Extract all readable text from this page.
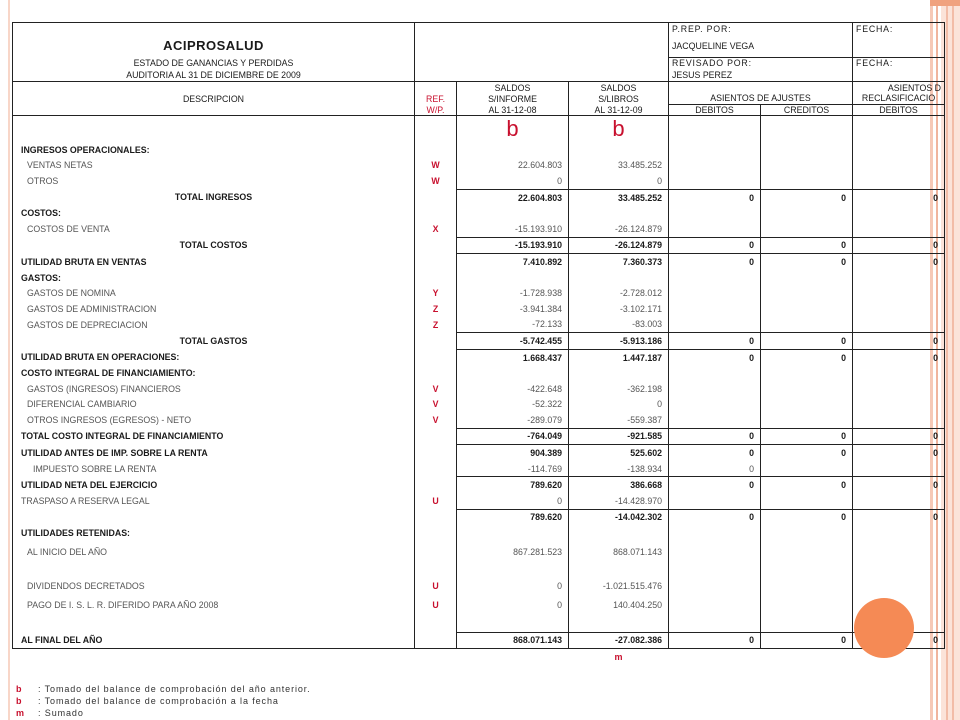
				P.REP. POR:		FECHA:
ACIPROSALUD				JACQUELINE VEGA		
ESTADO DE GANANCIAS Y PERDIDAS				REVISADO POR:		FECHA:
AUDITORIA AL 31 DE DICIEMBRE DE 2009				JESUS PEREZ		
		SALDOS	SALDOS			ASIENTOS D
DESCRIPCION	REF.	S/INFORME	S/LIBROS	ASIENTOS DE AJUSTES		RECLASIFICACIO
	W/P.	AL 31-12-08	AL 31-12-09	DEBITOS	CREDITOS	DEBITOS
		b	b			
INGRESOS OPERACIONALES:						
VENTAS NETAS	W	22.604.803	33.485.252			
OTROS	W	0	0			
TOTAL INGRESOS		22.604.803	33.485.252	0	0	0
COSTOS:						
COSTOS DE VENTA	X	-15.193.910	-26.124.879			
TOTAL COSTOS		-15.193.910	-26.124.879	0	0	0
UTILIDAD BRUTA EN VENTAS		7.410.892	7.360.373	0	0	0
GASTOS:						
GASTOS DE NOMINA	Y	-1.728.938	-2.728.012			
GASTOS DE ADMINISTRACION	Z	-3.941.384	-3.102.171			
GASTOS DE DEPRECIACION	Z	-72.133	-83.003			
TOTAL GASTOS		-5.742.455	-5.913.186	0	0	0
UTILIDAD BRUTA EN OPERACIONES:		1.668.437	1.447.187	0	0	0
COSTO INTEGRAL DE FINANCIAMIENTO:						
GASTOS (INGRESOS) FINANCIEROS	V	-422.648	-362.198			
DIFERENCIAL CAMBIARIO	V	-52.322	0			
OTROS INGRESOS (EGRESOS) - NETO	V	-289.079	-559.387			
TOTAL COSTO INTEGRAL DE FINANCIAMIENTO		-764.049	-921.585	0	0	0
UTILIDAD ANTES DE IMP. SOBRE LA RENTA		904.389	525.602	0	0	0
IMPUESTO SOBRE LA RENTA		-114.769	-138.934	0		
UTILIDAD NETA DEL EJERCICIO		789.620	386.668	0	0	0
TRASPASO A RESERVA LEGAL	U	0	-14.428.970			
		789.620	-14.042.302	0	0	0
UTILIDADES RETENIDAS:						
AL INICIO DEL AÑO		867.281.523	868.071.143			

DIVIDENDOS DECRETADOS	U	0	-1.021.515.476			
PAGO DE I. S. L. R. DIFERIDO PARA AÑO 2008	U	0	140.404.250			

AL FINAL DEL AÑO		868.071.143	-27.082.386	0	0	0
			m			
b	: Tomado del balance de comprobación del año anterior.
b	: Tomado del balance de comprobación a la fecha
m	: Sumado
